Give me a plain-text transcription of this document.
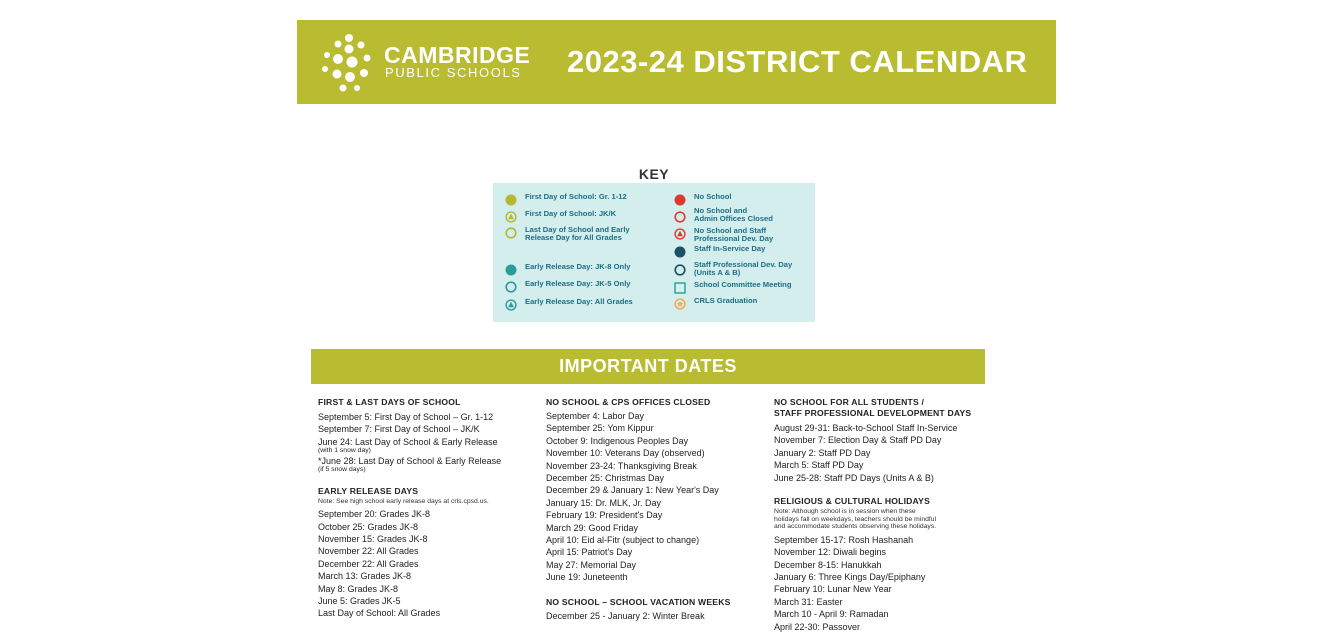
CAMBRIDGE
PUBLIC SCHOOLS 2023-24 DISTRICT CALENDAR
KEY
First Day of School: Gr. 1-12
First Day of School: JK/K
Last Day of School and Early
Release Day for All Grades
Early Release Day: JK-8 Only
Early Release Day: JK-5 Only
Early Release Day: All Grades
No School
No School and
Admin Offices Closed
No School and Staff
Professional Dev. Day
Staff In-Service Day
Staff Professional Dev. Day
(Units A & B)
School Committee Meeting
CRLS Graduation
IMPORTANT DATES
FIRST & LAST DAYS OF SCHOOL
September 5: First Day of School – Gr. 1-12
September 7: First Day of School – JK/K
June 24: Last Day of School & Early Release
(with 1 snow day)
*June 28: Last Day of School & Early Release
(if 5 snow days)
EARLY RELEASE DAYS
Note: See high school early release days at crls.cpsd.us.
September 20: Grades JK-8
October 25: Grades JK-8
November 15: Grades JK-8
November 22: All Grades
December 22: All Grades
March 13: Grades JK-8
May 8: Grades JK-8
June 5: Grades JK-5
Last Day of School: All Grades
NO SCHOOL & CPS OFFICES CLOSED
September 4: Labor Day
September 25: Yom Kippur
October 9: Indigenous Peoples Day
November 10: Veterans Day (observed)
November 23-24: Thanksgiving Break
December 25: Christmas Day
December 29 & January 1: New Year's Day
January 15: Dr. MLK, Jr. Day
February 19: President's Day
March 29: Good Friday
April 10: Eid al-Fitr (subject to change)
April 15: Patriot's Day
May 27: Memorial Day
June 19: Juneteenth
NO SCHOOL – SCHOOL VACATION WEEKS
December 25 - January 2: Winter Break
NO SCHOOL FOR ALL STUDENTS /
STAFF PROFESSIONAL DEVELOPMENT DAYS
August 29-31: Back-to-School Staff In-Service
November 7: Election Day & Staff PD Day
January 2: Staff PD Day
March 5: Staff PD Day
June 25-28: Staff PD Days (Units A & B)
RELIGIOUS & CULTURAL HOLIDAYS
Note: Although school is in session when these
holidays fall on weekdays, teachers should be mindful
and accommodate students observing these holidays.
September 15-17: Rosh Hashanah
November 12: Diwali begins
December 8-15: Hanukkah
January 6: Three Kings Day/Epiphany
February 10: Lunar New Year
March 31: Easter
March 10 - April 9: Ramadan
April 22-30: Passover
